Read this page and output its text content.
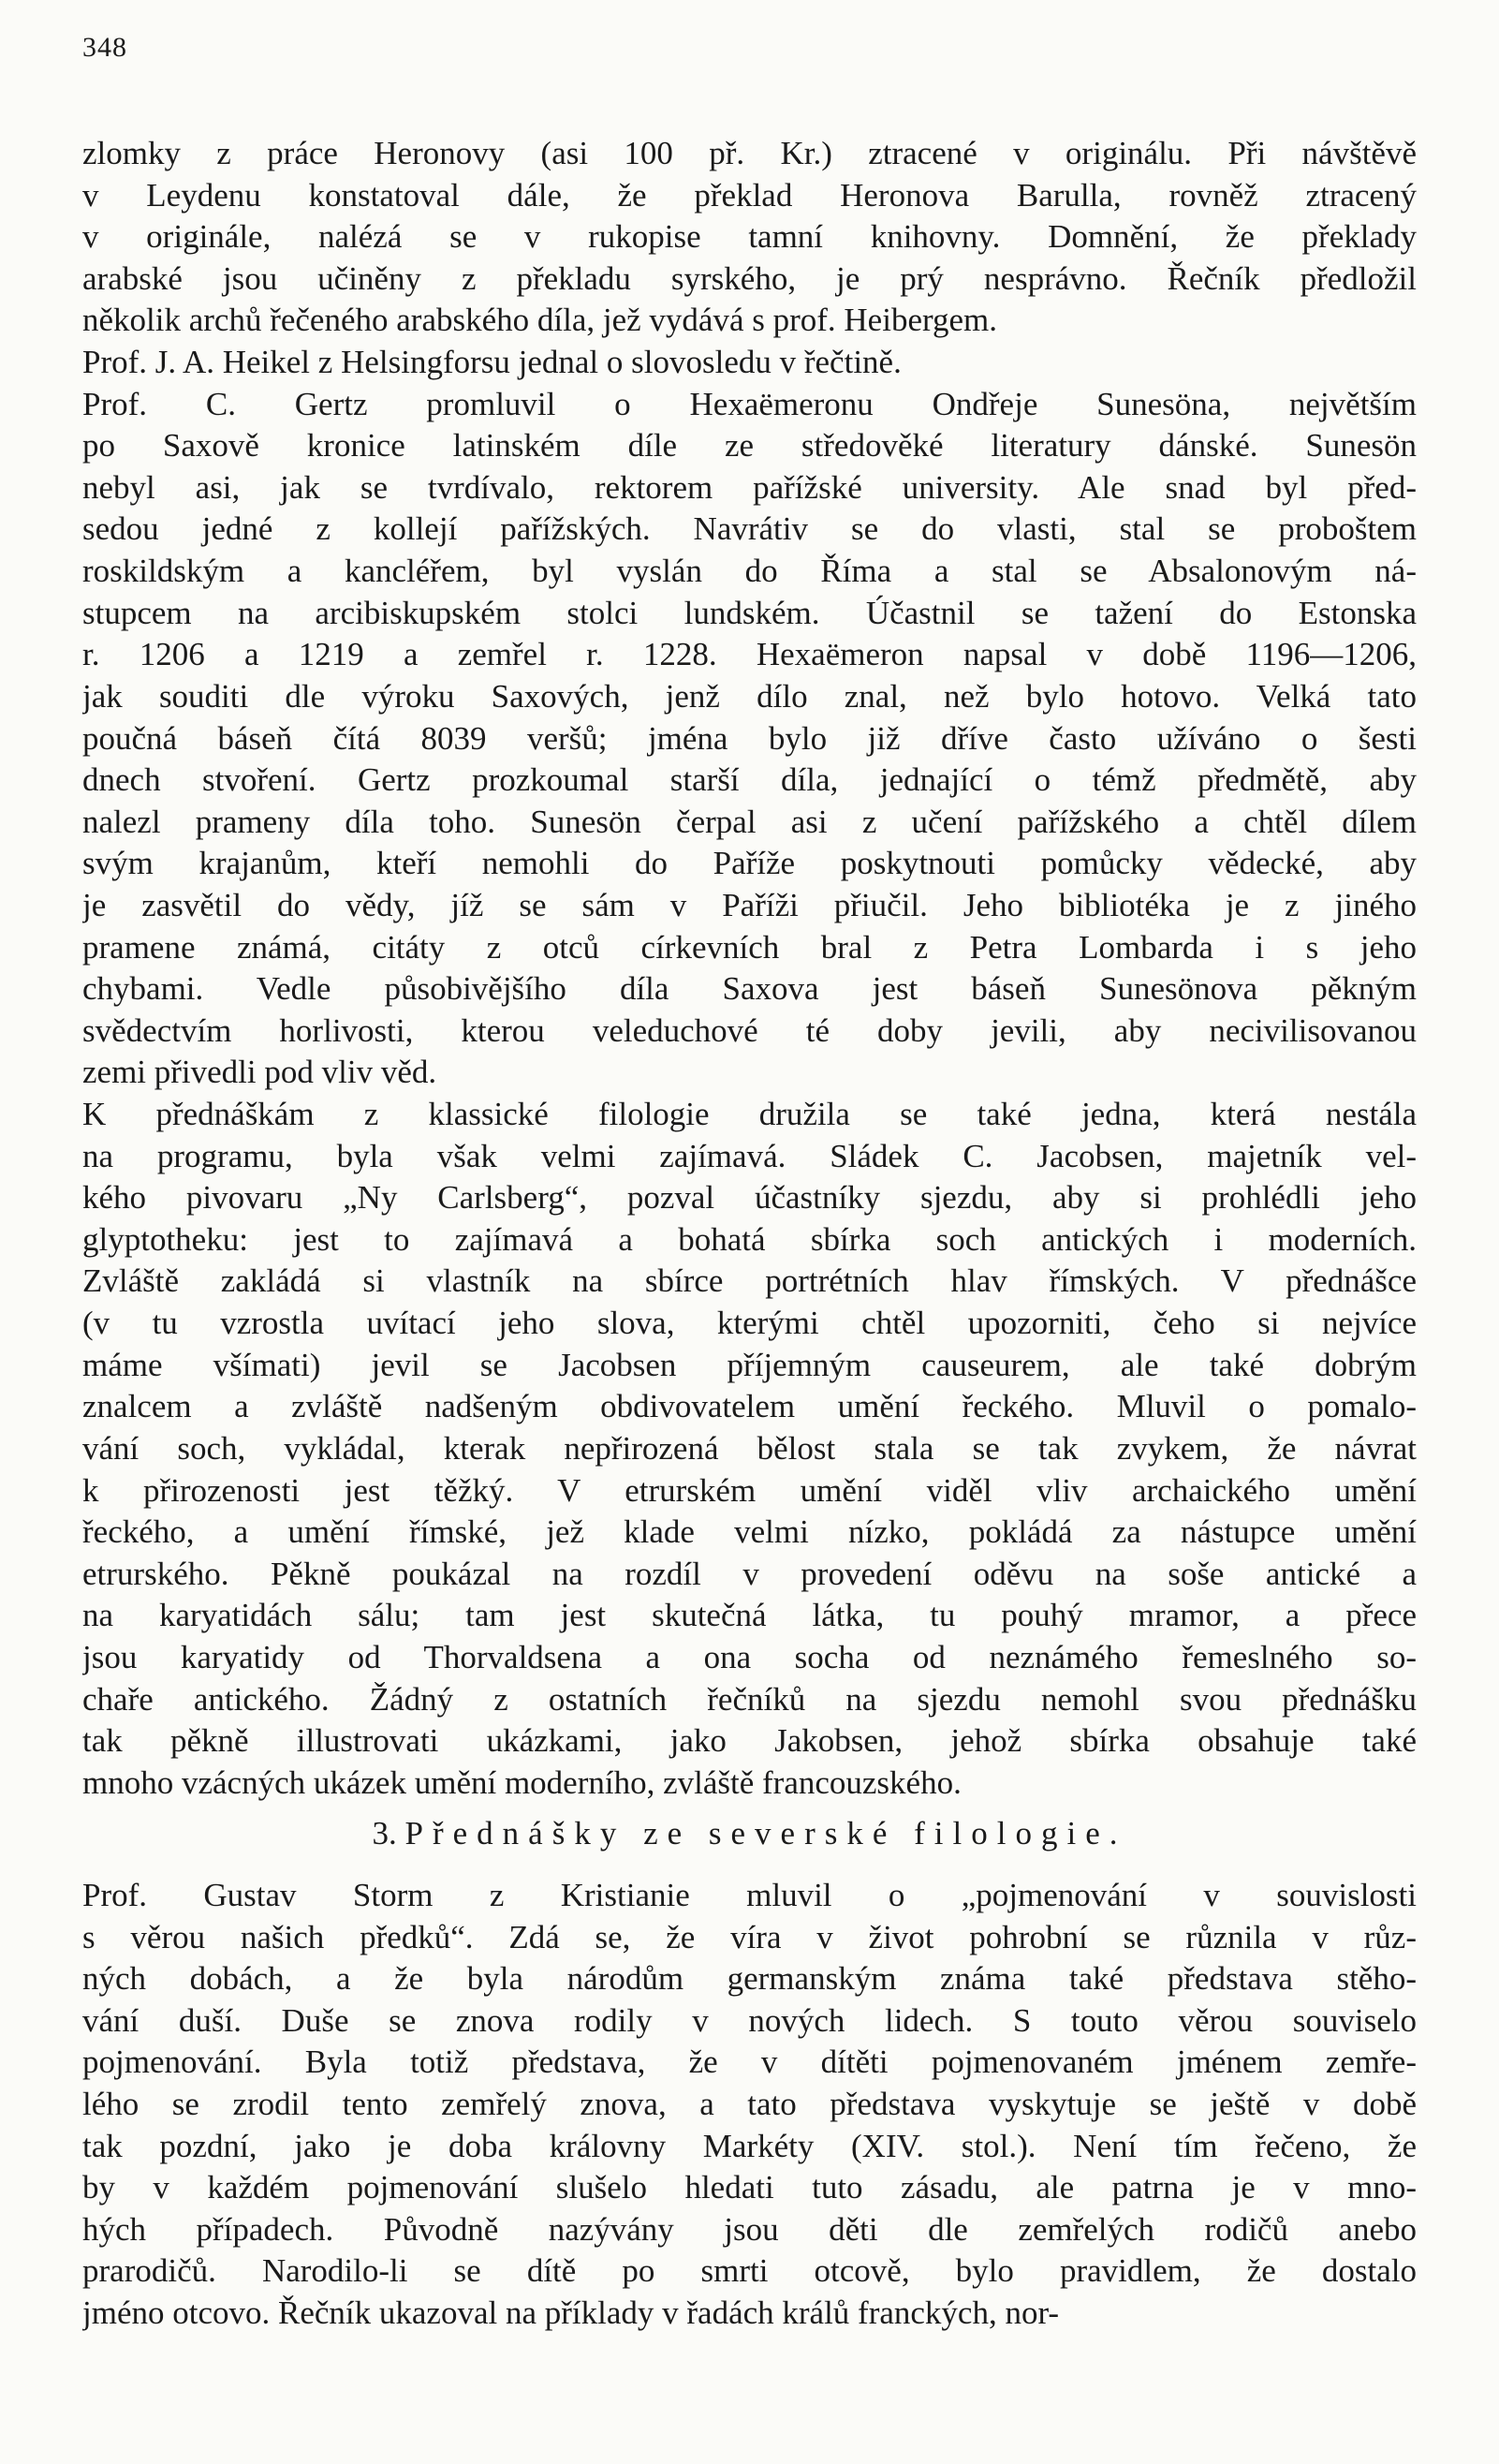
348
zlomky z práce Heronovy (asi 100 př. Kr.) ztracené v originálu. Při návštěvě
v Leydenu konstatoval dále, že překlad Heronova Barulla, rovněž ztracený
v originále, nalézá se v rukopise tamní knihovny. Domnění, že překlady
arabské jsou učiněny z překladu syrského, je prý nesprávno. Řečník předložil
několik archů řečeného arabského díla, jež vydává s prof. Heibergem.
Prof. J. A. Heikel z Helsingforsu jednal o slovosledu v řečtině.
Prof. C. Gertz promluvil o Hexaëmeronu Ondřeje Sunesöna, největším
po Saxově kronice latinském díle ze středověké literatury dánské. Sunesön
nebyl asi, jak se tvrdívalo, rektorem pařížské university. Ale snad byl před-
sedou jedné z kollejí pařížských. Navrátiv se do vlasti, stal se proboštem
roskildským a kancléřem, byl vyslán do Říma a stal se Absalonovým ná-
stupcem na arcibiskupském stolci lundském. Účastnil se tažení do Estonska
r. 1206 a 1219 a zemřel r. 1228. Hexaëmeron napsal v době 1196—1206,
jak souditi dle výroku Saxových, jenž dílo znal, než bylo hotovo. Velká tato
poučná báseň čítá 8039 veršů; jména bylo již dříve často užíváno o šesti
dnech stvoření. Gertz prozkoumal starší díla, jednající o témž předmětě, aby
nalezl prameny díla toho. Sunesön čerpal asi z učení pařížského a chtěl dílem
svým krajanům, kteří nemohli do Paříže poskytnouti pomůcky vědecké, aby
je zasvětil do vědy, jíž se sám v Paříži přiučil. Jeho bibliotéka je z jiného
pramene známá, citáty z otců církevních bral z Petra Lombarda i s jeho
chybami. Vedle působivějšího díla Saxova jest báseň Sunesönova pěkným
svědectvím horlivosti, kterou veleduchové té doby jevili, aby necivilisovanou
zemi přivedli pod vliv věd.
K přednáškám z klassické filologie družila se také jedna, která nestála
na programu, byla však velmi zajímavá. Sládek C. Jacobsen, majetník vel-
kého pivovaru „Ny Carlsberg“, pozval účastníky sjezdu, aby si prohlédli jeho
glyptotheku: jest to zajímavá a bohatá sbírka soch antických i moderních.
Zvláště zakládá si vlastník na sbírce portrétních hlav římských. V přednášce
(v tu vzrostla uvítací jeho slova, kterými chtěl upozorniti, čeho si nejvíce
máme všímati) jevil se Jacobsen příjemným causeurem, ale také dobrým
znalcem a zvláště nadšeným obdivovatelem umění řeckého. Mluvil o pomalo-
vání soch, vykládal, kterak nepřirozená bělost stala se tak zvykem, že návrat
k přirozenosti jest těžký. V etrurském umění viděl vliv archaického umění
řeckého, a umění římské, jež klade velmi nízko, pokládá za nástupce umění
etrurského. Pěkně poukázal na rozdíl v provedení oděvu na soše antické a
na karyatidách sálu; tam jest skutečná látka, tu pouhý mramor, a přece
jsou karyatidy od Thorvaldsena a ona socha od neznámého řemeslného so-
chaře antického. Žádný z ostatních řečníků na sjezdu nemohl svou přednášku
tak pěkně illustrovati ukázkami, jako Jakobsen, jehož sbírka obsahuje také
mnoho vzácných ukázek umění moderního, zvláště francouzského.
3. Přednášky ze severské filologie.
Prof. Gustav Storm z Kristianie mluvil o „pojmenování v souvislosti
s věrou našich předků“. Zdá se, že víra v život pohrobní se různila v růz-
ných dobách, a že byla národům germanským známa také představa stěho-
vání duší. Duše se znova rodily v nových lidech. S touto věrou souviselo
pojmenování. Byla totiž představa, že v dítěti pojmenovaném jménem zemře-
lého se zrodil tento zemřelý znova, a tato představa vyskytuje se ještě v době
tak pozdní, jako je doba královny Markéty (XIV. stol.). Není tím řečeno, že
by v každém pojmenování slušelo hledati tuto zásadu, ale patrna je v mno-
hých případech. Původně nazývány jsou děti dle zemřelých rodičů anebo
prarodičů. Narodilo-li se dítě po smrti otcově, bylo pravidlem, že dostalo
jméno otcovo. Řečník ukazoval na příklady v řadách králů franckých, nor-
